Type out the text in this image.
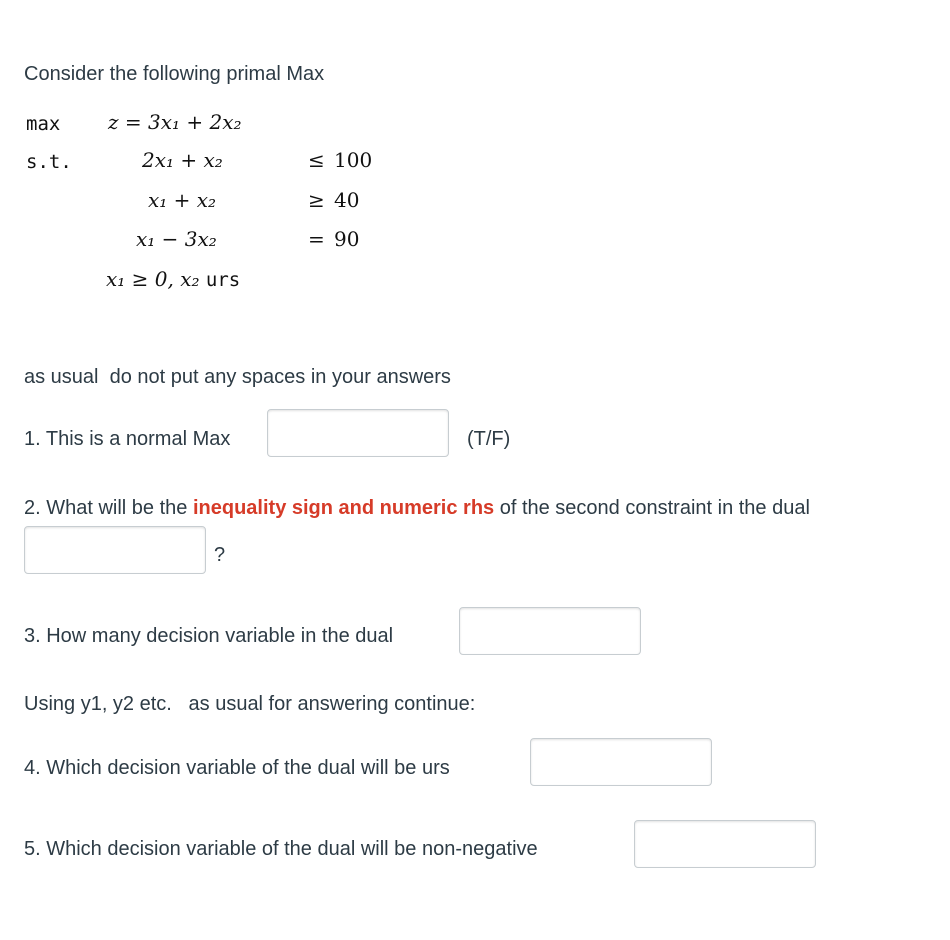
Consider the following primal Max
max z = 3x₁ + 2x₂
s.t.	2x₁ + x₂	≤ 100
x₁ + x₂	≥ 40
x₁ − 3x₂	= 90
x₁ ≥ 0, x₂ urs
as usual  do not put any spaces in your answers
1. This is a normal Max	(T/F)
2. What will be the inequality sign and numeric rhs of the second constraint in the dual
?
3. How many decision variable in the dual
Using y1, y2 etc.   as usual for answering continue:
4. Which decision variable of the dual will be urs
5. Which decision variable of the dual will be non-negative
